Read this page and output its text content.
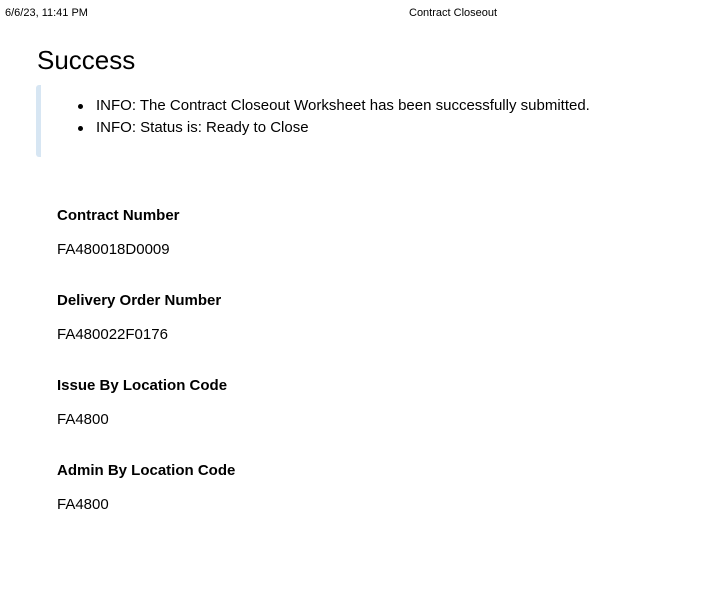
6/6/23, 11:41 PM	Contract Closeout
Success
INFO: The Contract Closeout Worksheet has been successfully submitted.
INFO: Status is: Ready to Close
Contract Number
FA480018D0009
Delivery Order Number
FA480022F0176
Issue By Location Code
FA4800
Admin By Location Code
FA4800
